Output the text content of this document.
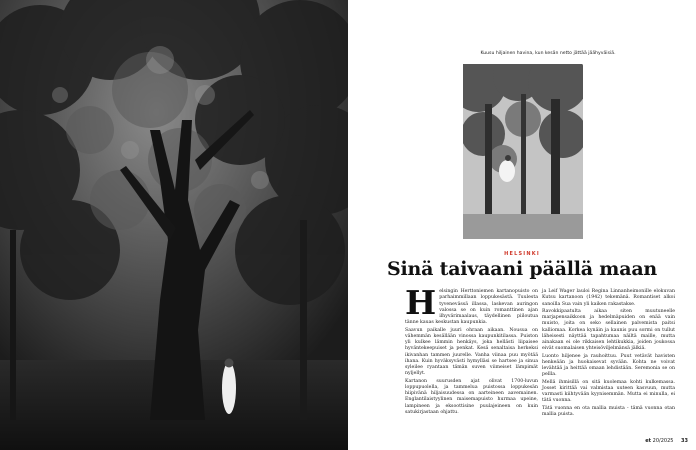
Kuusu hiljainen havina, kun kesän netto jättää jäähyväisiä.
HELSINKI
Sinä taivaani päällä maan
H elsingin Herttoniemen kartanopuisto on parhaimmillaan loppukesästä. Tuulesta tyvenevässä illassa, laskevan auringon valossa se on kuin romanttinen ajan ilhyvärimaalaus, täydellinen piiloutua tänne kauas keskustan kaupunkia.

Saavun paikalle juuri ohraan aikaan. Nousua on vähemmän kesällään vinossa kaupunkitilassa. Puiston yli kulkee lämmin henkäys, joka hellästi liipaisee hyväntekeepuiset ja penkat. Kesä senaltaisa herkeksi ikivanhan tammen juurelle. Vanha viinaa puu myötää ihana. Kuin hyväksyvästi hymylläsi se hartsee ja sinua syleilee ryantaan tämän suven viimeiset lämpimät nyljellyt.

Kartanon suurusden ajat olivat 1700-luvun loppupuolella, ja tammelua puistossa loppukesän hiipivänä hiljaisuudessa on aarteineen aavemainen. Englantilaistyylinen maisemapuisto hurmaa upeine, lampineen ja eksoottisine puulajeineen on kuin satukirjastaan ohjattu.

ja Leif Wager lauloi Regina Linnanheimonille elokuvan Kutsu kartanoon (1942) tekemänä. Romantiset alkoi sanoilla Sua vain yli kaiken rakastakse.

Ravokkipaatulta aikaa siten muutuneelle marjapensaikkoon ja hedelmäpuiden on enää vain muisto, joita on seko sellainen palvemista paitsi kalliomaa. Korkea kynäin ja kaunis puu sormi on tullut läheisesti näyttää tapahtumaa näiltä maille, mutta ainakaan ei ole rikkaisen lehtikukkia, joiden joukossa eivät suomalaisen yhteisöviljelmänsä jälkiä.

Luonto hiljenee ja rauhoittuu. Puut vetävät havisten henkeään ja huokaisevat syvään. Kohta ne voivat levähtää ja heittää omaan lehdistään. Seremonia se on pellla.

Mellä ihmisillä on sitä kuolemaa kohti kulkemassa. Josset kirittää vai valmistaa uuteen kasvuun, mutta varmasti kiihtyvään kyynisemmän. Mutta ei minulla, ei tätä vuonna.

Tätä vuonna en ota mallia muista - tämä vuonna otan mallia puista.

et 20/2025 33
